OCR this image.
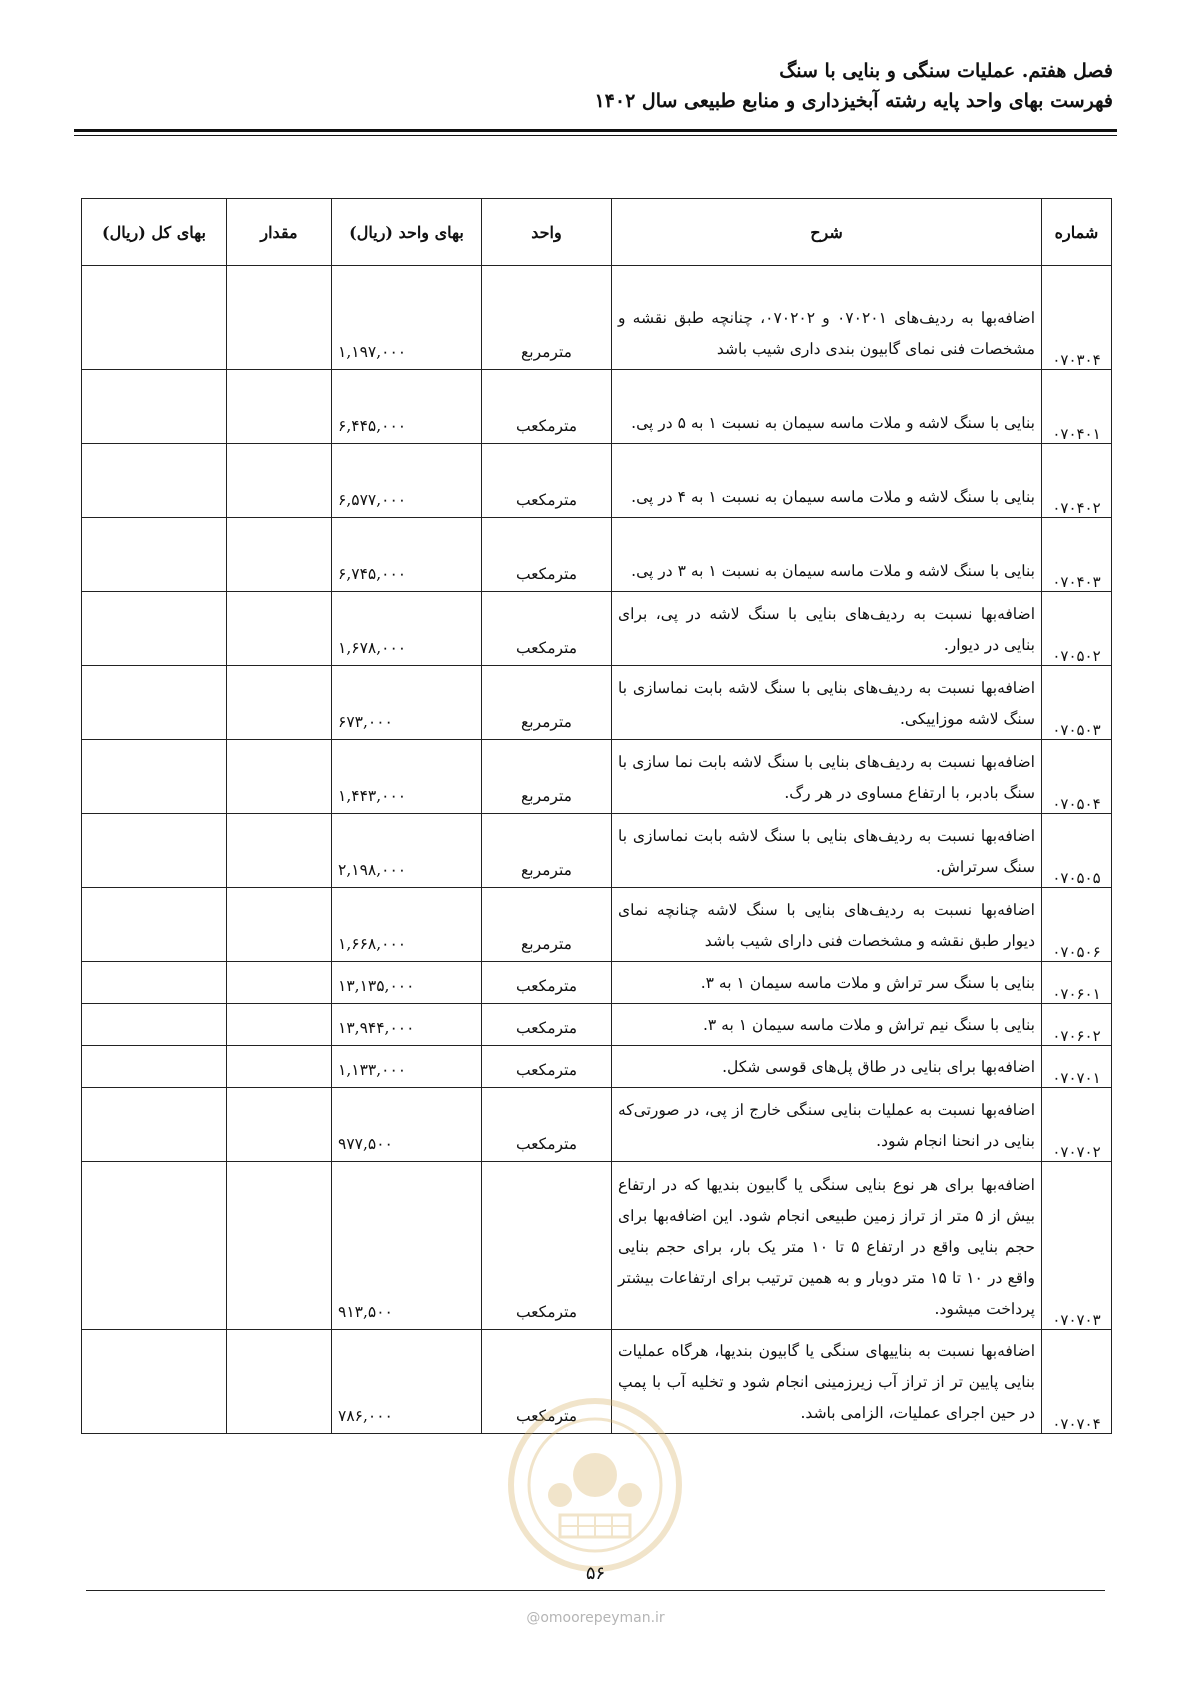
فصل هفتم. عملیات سنگی و بنایی با سنگ
فهرست بهای واحد پایه رشته آبخیزداری و منابع طبیعی سال ۱۴۰۲
شماره	شرح	واحد	بهای واحد (ریال)	مقدار	بهای کل (ریال)
۰۷۰۳۰۴	اضافه‌بها به ردیف‌های ۰۷۰۲۰۱ و ۰۷۰۲۰۲، چنانچه طبق نقشه و مشخصات فنی نمای گابیون بندی داری شیب باشد	مترمربع	۱,۱۹۷,۰۰۰		
۰۷۰۴۰۱	بنایی با سنگ لاشه و ملات ماسه سیمان به نسبت ۱ به ۵ در پی.	مترمکعب	۶,۴۴۵,۰۰۰		
۰۷۰۴۰۲	بنایی با سنگ لاشه و ملات ماسه سیمان به نسبت ۱ به ۴ در پی.	مترمکعب	۶,۵۷۷,۰۰۰		
۰۷۰۴۰۳	بنایی با سنگ لاشه و ملات ماسه سیمان به نسبت ۱ به ۳ در پی.	مترمکعب	۶,۷۴۵,۰۰۰		
۰۷۰۵۰۲	اضافه‌بها نسبت به ردیف‌های بنایی با سنگ لاشه در پی، برای بنایی در دیوار.	مترمکعب	۱,۶۷۸,۰۰۰		
۰۷۰۵۰۳	اضافه‌بها نسبت به ردیف‌های بنایی با سنگ لاشه بابت نماسازی با سنگ لاشه موزاییکی.	مترمربع	۶۷۳,۰۰۰		
۰۷۰۵۰۴	اضافه‌بها نسبت به ردیف‌های بنایی با سنگ لاشه بابت نما سازی با سنگ بادبر، با ارتفاع مساوی در هر رگ.	مترمربع	۱,۴۴۳,۰۰۰		
۰۷۰۵۰۵	اضافه‌بها نسبت به ردیف‌های بنایی با سنگ لاشه بابت نماسازی با سنگ سرتراش.	مترمربع	۲,۱۹۸,۰۰۰		
۰۷۰۵۰۶	اضافه‌بها نسبت به ردیف‌های بنایی با سنگ لاشه چنانچه نمای دیوار طبق نقشه و مشخصات فنی دارای شیب باشد	مترمربع	۱,۶۶۸,۰۰۰		
۰۷۰۶۰۱	بنایی با سنگ سر تراش و ملات ماسه سیمان ۱ به ۳.	مترمکعب	۱۳,۱۳۵,۰۰۰		
۰۷۰۶۰۲	بنایی با سنگ نیم تراش و ملات ماسه سیمان ۱ به ۳.	مترمکعب	۱۳,۹۴۴,۰۰۰		
۰۷۰۷۰۱	اضافه‌بها برای بنایی در طاق پل‌های قوسی شکل.	مترمکعب	۱,۱۳۳,۰۰۰		
۰۷۰۷۰۲	اضافه‌بها نسبت به عملیات بنایی سنگی خارج از پی، در صورتی‌که بنایی در انحنا انجام شود.	مترمکعب	۹۷۷,۵۰۰		
۰۷۰۷۰۳	اضافه‌بها برای هر نوع بنایی سنگی یا گابیون بندیها که در ارتفاع بیش از ۵ متر از تراز زمین طبیعی انجام شود. این اضافه‌بها برای حجم بنایی واقع در ارتفاع ۵ تا ۱۰ متر یک بار، برای حجم بنایی واقع در ۱۰ تا ۱۵ متر دوبار و به همین ترتیب برای ارتفاعات بیشتر پرداخت میشود.	مترمکعب	۹۱۳,۵۰۰		
۰۷۰۷۰۴	اضافه‌بها نسبت به بناییهای سنگی یا گابیون بندیها، هرگاه عملیات بنایی پایین تر از تراز آب زیرزمینی انجام شود و تخلیه آب با پمپ در حین اجرای عملیات، الزامی باشد.	مترمکعب	۷۸۶,۰۰۰		
۵۶
@omoorepeyman.ir
